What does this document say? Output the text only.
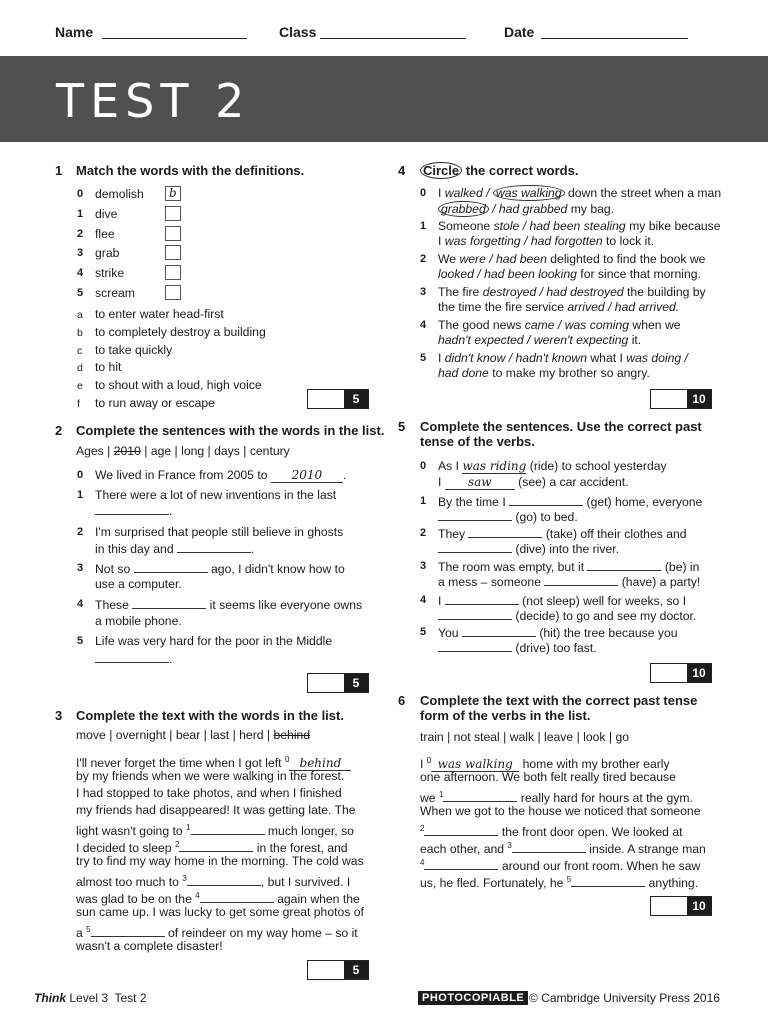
Name	Class	Date
TEST 2
1 Match the words with the definitions.
0 demolish b
1 dive
2 flee
3 grab
4 strike
5 scream
a to enter water head-first
b to completely destroy a building
c to take quickly
d to hit
e to shout with a loud, high voice
f to run away or escape	5
2 Complete the sentences with the words in the list.
Ages | 2010 | age | long | days | century
0 We lived in France from 2005 to 2010 .
1 There were a lot of new inventions in the last
.
2 I'm surprised that people still believe in ghosts
in this day and	.
3 Not so	ago, I didn't know how to
use a computer.
4 These	it seems like everyone owns
a mobile phone.
5 Life was very hard for the poor in the Middle
.
5
3 Complete the text with the words in the list.
move | overnight | bear | last | herd | behind
I'll never forget the time when I got left $^0$ behind
by my friends when we were walking in the forest.
I had stopped to take photos, and when I finished
my friends had disappeared! It was getting late. The
light wasn't going to $^1$	much longer, so
I decided to sleep $^2$	in the forest, and
try to find my way home in the morning. The cold was
almost too much to $^3$	, but I survived. I
was glad to be on the $^4$	again when the
sun came up. I was lucky to get some great photos of
a $^5$	of reindeer on my way home – so it
wasn't a complete disaster!
5
4 Circle the correct words.
0 I walked / was walking down the street when a man
grabbed / had grabbed my bag.
1 Someone stole / had been stealing my bike because
I was forgetting / had forgotten to lock it.
2 We were / had been delighted to find the book we
looked / had been looking for since that morning.
3 The fire destroyed / had destroyed the building by
the time the fire service arrived / had arrived.
4 The good news came / was coming when we
hadn't expected / weren't expecting it.
5 I didn't know / hadn't known what I was doing /
had done to make my brother so angry.
10
5 Complete the sentences. Use the correct past
tense of the verbs.
0 As I was riding (ride) to school yesterday
I saw (see) a car accident.
1 By the time I	(get) home, everyone
(go) to bed.
2 They	(take) off their clothes and
(dive) into the river.
3 The room was empty, but it	(be) in
a mess – someone	(have) a party!
4 I	(not sleep) well for weeks, so I
(decide) to go and see my doctor.
5 You	(hit) the tree because you
(drive) too fast.
10
6 Complete the text with the correct past tense
form of the verbs in the list.
train | not steal | walk | leave | look | go
I $^0$ was walking home with my brother early
one afternoon. We both felt really tired because
we $^1$	really hard for hours at the gym.
When we got to the house we noticed that someone
$^2$	the front door open. We looked at
each other, and $^3$	inside. A strange man
$^4$	around our front room. When he saw
us, he fled. Fortunately, he $^5$	anything.
10
Think Level 3 Test 2	PHOTOCOPIABLE © Cambridge University Press 2016
